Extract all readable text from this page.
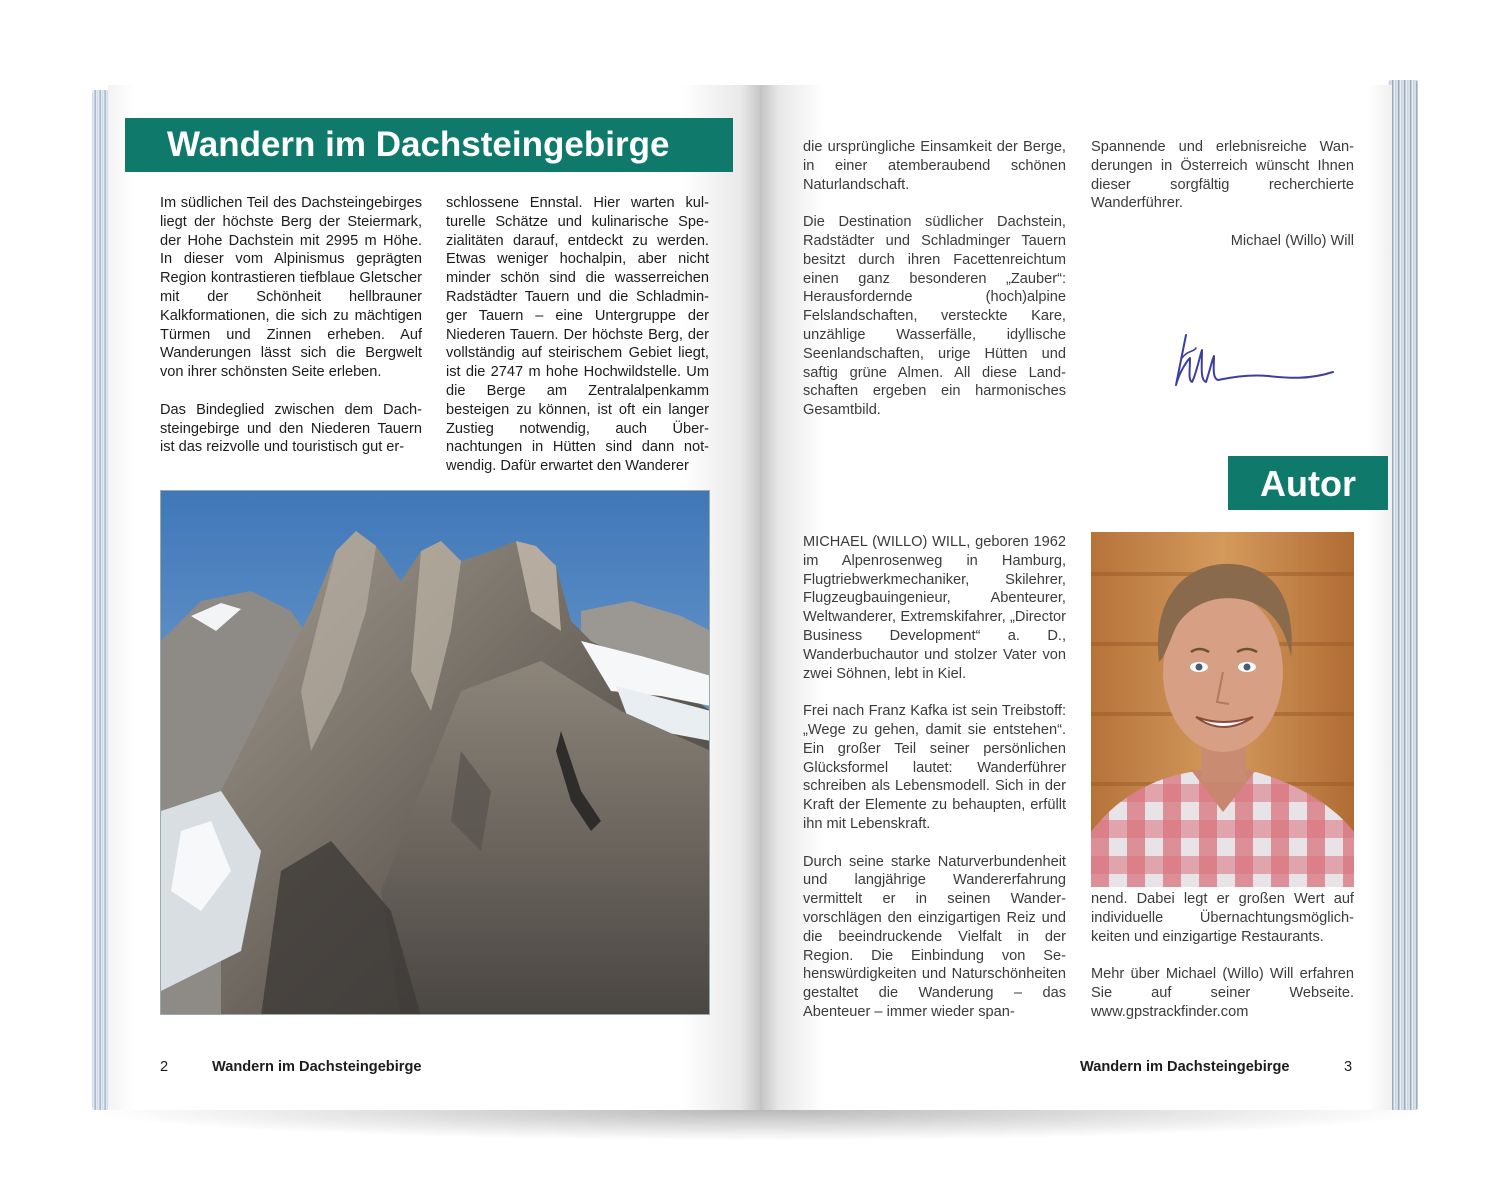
Wandern im Dachsteingebirge

Im südlichen Teil des Dachsteingebirges liegt der höchste Berg der Steiermark, der Hohe Dachstein mit 2995 m Höhe. In dieser vom Alpinismus geprägten Region kontrastieren tiefblaue Gletscher mit der Schönheit hellbrauner Kalkformationen, die sich zu mächtigen Türmen und Zinnen erheben. Auf Wanderungen lässt sich die Bergwelt von ihrer schönsten Seite erleben.

Das Bindeglied zwischen dem Dachsteingebirge und den Niederen Tauern ist das reizvolle und touristisch gut er-

schlossene Ennstal. Hier warten kulturelle Schätze und kulinarische Spezialitäten darauf, entdeckt zu werden. Etwas weniger hochalpin, aber nicht minder schön sind die wasserreichen Radstädter Tauern und die Schladminger Tauern – eine Untergruppe der Niederen Tauern. Der höchste Berg, der vollständig auf steirischem Gebiet liegt, ist die 2747 m hohe Hochwildstelle. Um die Berge am Zentralalpenkamm besteigen zu können, ist oft ein langer Zustieg notwendig, auch Übernachtungen in Hütten sind dann notwendig. Dafür erwartet den Wanderer

2	Wandern im Dachsteingebirge

die ursprüngliche Einsamkeit der Berge, in einer atemberaubend schönen Naturlandschaft.

Die Destination südlicher Dachstein, Radstädter und Schladminger Tauern besitzt durch ihren Facettenreichtum einen ganz besonderen „Zauber“: Herausfordernde (hoch)alpine Felslandschaften, versteckte Kare, unzählige Wasserfälle, idyllische Seenlandschaften, urige Hütten und saftig grüne Almen. All diese Landschaften ergeben ein harmonisches Gesamtbild.

Spannende und erlebnisreiche Wanderungen in Österreich wünscht Ihnen dieser sorgfältig recherchierte Wanderführer.

Michael (Willo) Will
Autor

MICHAEL (WILLO) WILL, geboren 1962 im Alpenrosenweg in Hamburg, Flugtriebwerkmechaniker, Skilehrer, Flugzeugbauingenieur, Abenteurer, Weltwanderer, Extremskifahrer, „Director Business Development“ a. D., Wanderbuchautor und stolzer Vater von zwei Söhnen, lebt in Kiel.

Frei nach Franz Kafka ist sein Treibstoff: „Wege zu gehen, damit sie entstehen“. Ein großer Teil seiner persönlichen Glücksformel lautet: Wanderführer schreiben als Lebensmodell. Sich in der Kraft der Elemente zu behaupten, erfüllt ihn mit Lebenskraft.

Durch seine starke Naturverbundenheit und langjährige Wandererfahrung vermittelt er in seinen Wandervorschlägen den einzigartigen Reiz und die beeindruckende Vielfalt in der Region. Die Einbindung von Sehenswürdigkeiten und Naturschönheiten gestaltet die Wanderung – das Abenteuer – immer wieder span-

nend. Dabei legt er großen Wert auf individuelle Übernachtungsmöglichkeiten und einzigartige Restaurants.

Mehr über Michael (Willo) Will erfahren Sie auf seiner Webseite. www.gpstrackfinder.com

Wandern im Dachsteingebirge	3
